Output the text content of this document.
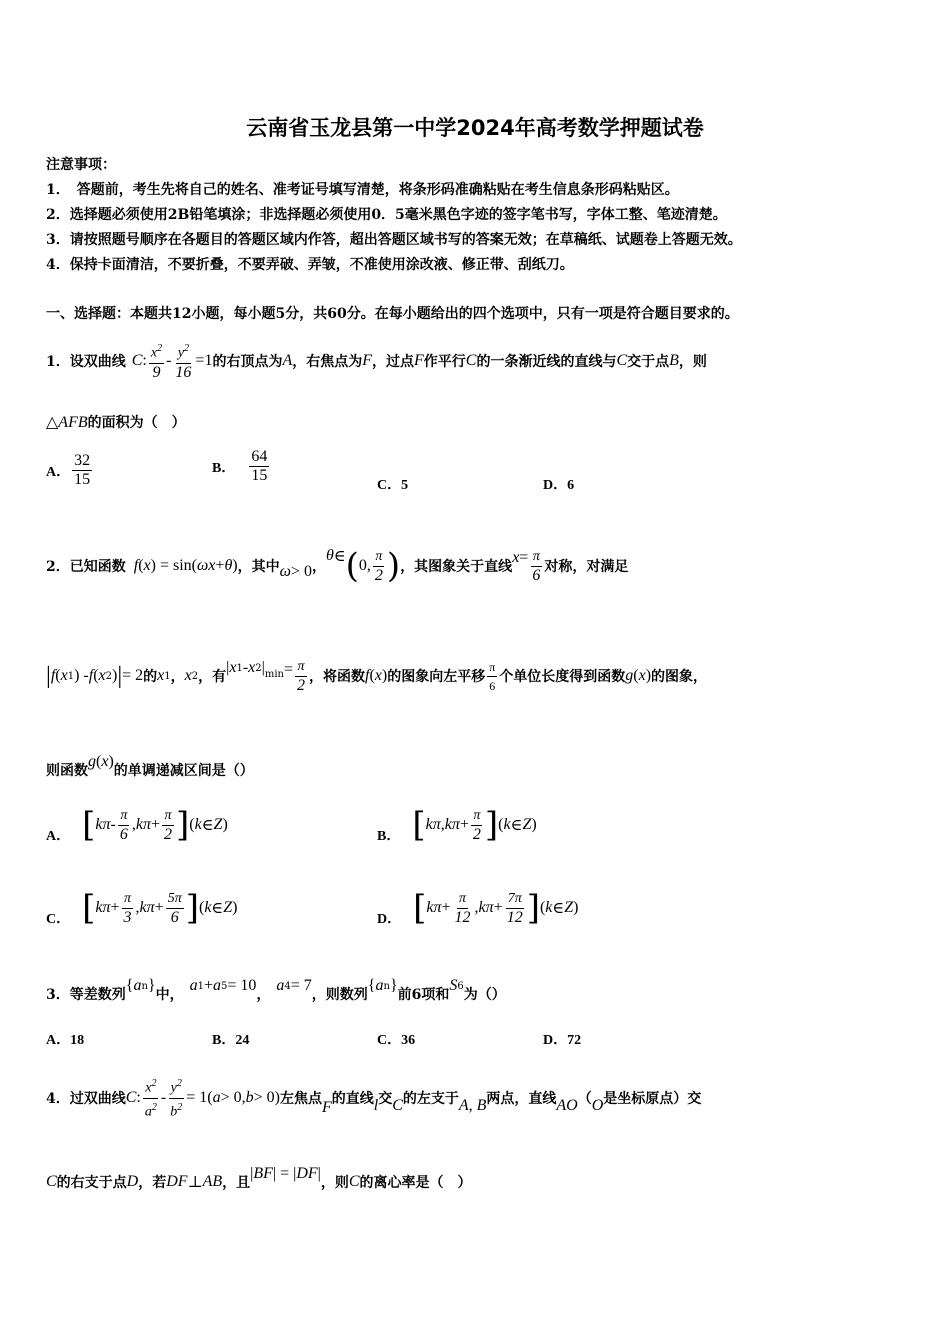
云南省玉龙县第一中学2024年高考数学押题试卷
注意事项：
1．　答题前，考生先将自己的姓名、准考证号填写清楚，将条形码准确粘贴在考生信息条形码粘贴区。
2．选择题必须使用2B铅笔填涂；非选择题必须使用0．5毫米黑色字迹的签字笔书写，字体工整、笔迹清楚。
3．请按照题号顺序在各题目的答题区域内作答，超出答题区域书写的答案无效；在草稿纸、试题卷上答题无效。
4．保持卡面清洁，不要折叠，不要弄破、弄皱，不准使用涂改液、修正带、刮纸刀。
一、选择题：本题共12小题，每小题5分，共60分。在每小题给出的四个选项中，只有一项是符合题目要求的。
1．设双曲线 C : $\frac{x^2}{9} - \frac{y^2}{16} =1$ 的右顶点为 A ，右焦点为 F ，过点 F 作平行 C 的一条渐近线的直线与 C 交于点 B ，则
△AFB 的面积为（　）
A． $\frac{32}{15}$	B． $\frac{64}{15}$
C．5	D．6
2．已知函数 f ( x ) = sin( ωx + θ ) ，其中 ω > 0 ，
θ ∈ ( 0, $\frac{\pi}{2}$ ) ，其图象关于直线
$x = \frac{\pi}{6}$ 对称，对满足
| f ( x 1 ) - f ( x 2 ) | = 2 的 x 1 ， x 2 ，有
| $x_1 - x_2$ $|_{min} = \frac{\pi}{2}$ ，将函数 f ( x ) 的图象向左平移 $\frac{\pi}{6}$ 个单位长度得到函数 g ( x ) 的图象，
则函数
g ( x )
的单调递减区间是（）
A． [ kπ - $\frac{\pi}{6}$ , $k\pi + \frac{\pi}{2}$ ] ( k ∈ Z )
B． [ kπ , $k\pi + \frac{\pi}{2}$ ] ( k ∈ Z )
C． [ $k\pi + \frac{\pi}{3}$ , $k\pi + \frac{5\pi}{6}$ ] ( k ∈ Z )
D． [ $k\pi + \frac{\pi}{12}$ , $k\pi + \frac{7\pi}{12}$ ] ( k ∈ Z )
3．等差数列
{ a n }
中，
a 1 + a 5 = 10
，
a 4 = 7
，则数列
{ a n }
前6项和
S 6
为（）
A．18	B．24	C．36	D．72
4．过双曲线 C : $\frac{x^2}{a^2} - \frac{y^2}{b^2} = 1$( a > 0, b > 0) 左焦点 F 的直线 l 交 C 的左支于 A, B 两点，直线 AO （ O 是坐标原点）交
C 的右支于点 D ，若 DF ⊥ AB ，且
| BF | = | DF |
，则 C 的离心率是（　）
